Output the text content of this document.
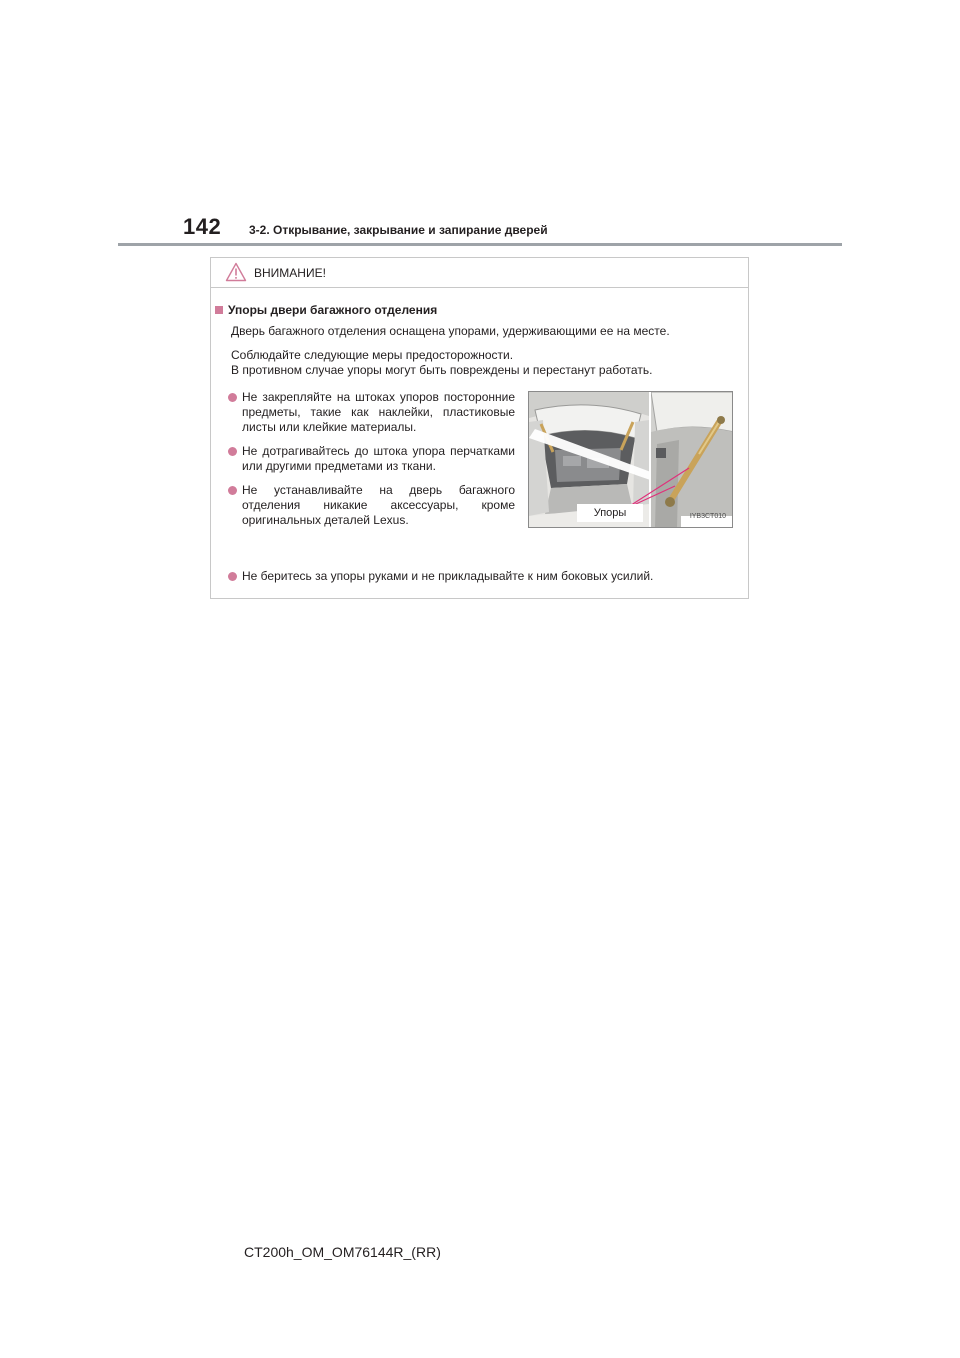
142 3-2. Открывание, закрывание и запирание дверей
ВНИМАНИЕ!
Упоры двери багажного отделения
Дверь багажного отделения оснащена упорами, удерживающими ее на месте.
Соблюдайте следующие меры предосторожности.
В противном случае упоры могут быть повреждены и перестанут работать.
Не закрепляйте на штоках упоров посторонние предметы, такие как наклейки, пластиковые листы или клейкие материалы.
Не дотрагивайтесь до штока упора перчатками или другими предметами из ткани.
Не устанавливайте на дверь багажного отделения никакие аксессуары, кроме оригинальных деталей Lexus.	Упоры	IYB3CT010
Не беритесь за упоры руками и не прикладывайте к ним боковых усилий.
CT200h_OM_OM76144R_(RR)
